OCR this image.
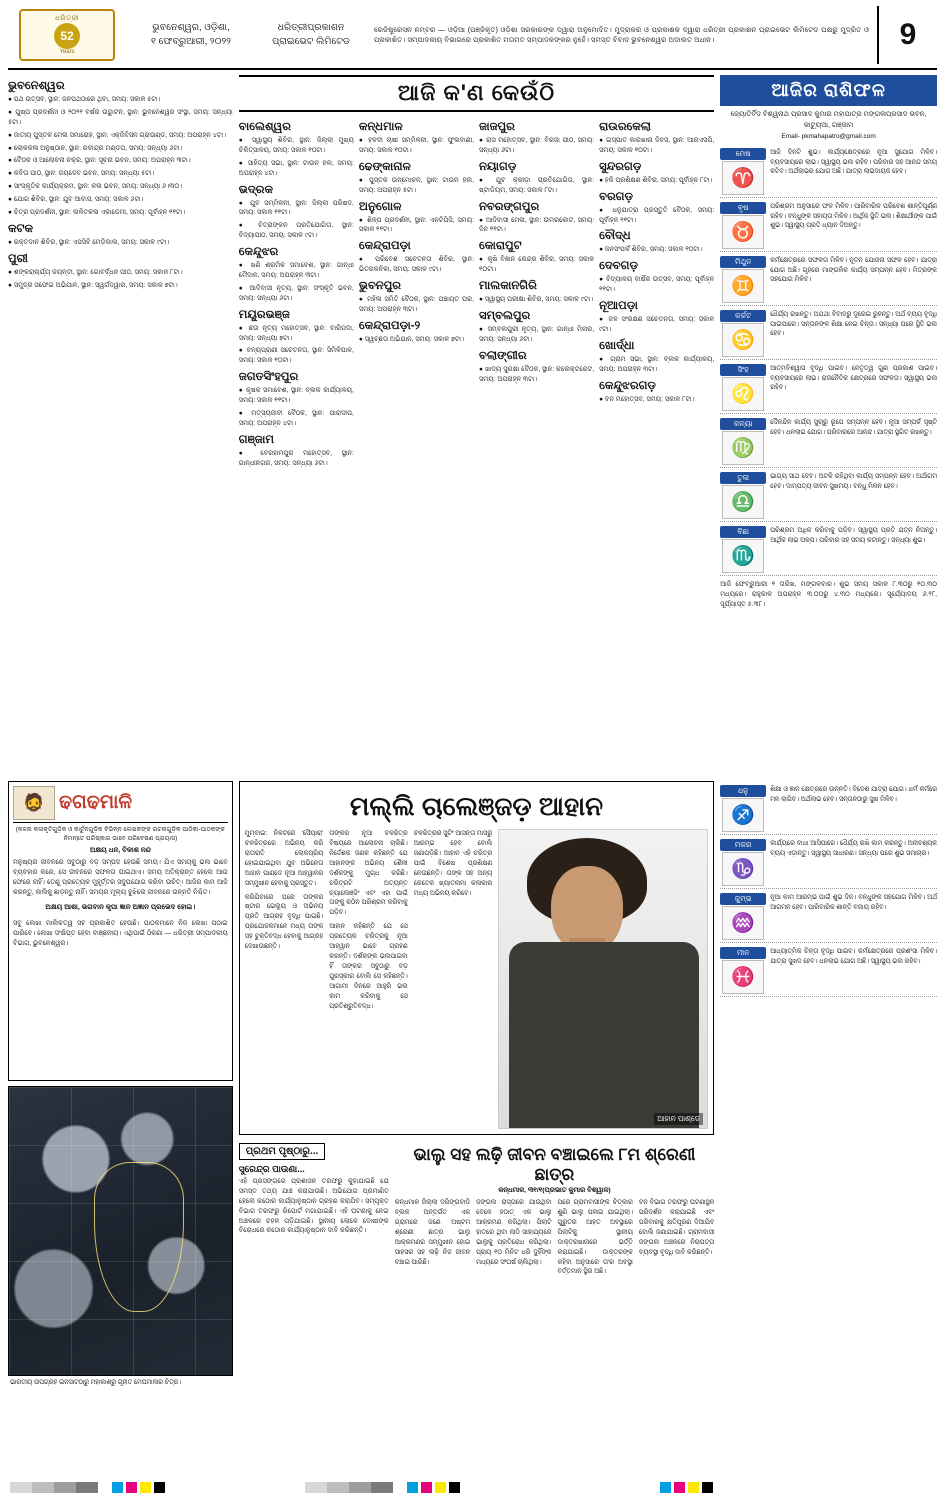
ଧରିତ୍ରୀ
52
Years
ଭୁବନେଶ୍ୱର, ଓଡ଼ିଶା,
୧ ଫେବ୍ରୁଆରୀ, ୨୦୨୨
ଧରିତ୍ରୀପ୍ରକାଶନ ପ୍ରାଇଭେଟ ଲିମିଟେଡ
ରେଜିଷ୍ଟ୍ରେସନ ନମ୍ବର — ଓଡ଼ିଆ (ପଞ୍ଜିକୃତ) ଓଡ଼ିଶା ସରକାରଙ୍କ ଦ୍ୱାରା ଅନୁମୋଦିତ। ମୁଦ୍ରାକର ଓ ପ୍ରକାଶକ ଦ୍ୱାରା ଧରିତ୍ରୀ ପ୍ରକାଶନ ପ୍ରାଇଭେଟ ଲିମିଟେଡ ପକ୍ଷରୁ ମୁଦ୍ରିତ ଓ ପ୍ରକାଶିତ। ସମ୍ପାଦକୀୟ ବିଭାଗରେ ପ୍ରକାଶିତ ମତାମତ ସମ୍ପାଦକଙ୍କର ନୁହେଁ। ସମସ୍ତ ବିବାଦ ଭୁବନେଶ୍ୱର ଅଦାଲତ ଅଧୀନ।	9
ଭୁବନେଶ୍ୱର

● ପଥ ଉତ୍ସବ, ସ୍ଥାନ: ଜନପଥଠାରେ ଥିବା, ସମୟ: ସକାଳ ୫ଟା।

● ପୁଷ୍ପ ପ୍ରଦର୍ଶନୀ ଓ ୨୦୨୨ ବର୍ଷର ଉଦ୍ଘାଟନ, ସ୍ଥାନ: ଭୁବନେଶ୍ୱର ସଂସ୍ଥା, ସମୟ: ସନ୍ଧ୍ୟା ୫ଟା।

● ଜାତୀୟ ପୁସ୍ତକ ମେଳା ସମାରୋହ, ସ୍ଥାନ: ଏକ୍ଜିବିସନ ଗ୍ରାଉଣ୍ଡ, ସମୟ: ଅପରାହ୍ନ ୪ଟା।

● ଲୋକକଳା ଅନୁଷ୍ଠାନ, ସ୍ଥାନ: ରବୀନ୍ଦ୍ର ମଣ୍ଡପ, ସମୟ: ସନ୍ଧ୍ୟା ୬ଟା।

● ବୈଠକ ଓ ଆଲୋଚନା ଚକ୍ର, ସ୍ଥାନ: ସୂଚନା ଭବନ, ସମୟ: ଅପରାହ୍ନ ୩ଟା।

● କବିତା ପାଠ, ସ୍ଥାନ: ଜୟଦେବ ଭବନ, ସମୟ: ସନ୍ଧ୍ୟା ୫ଟା।

● ସାଂସ୍କୃତିକ କାର୍ଯ୍ୟକ୍ରମ, ସ୍ଥାନ: କଳା ଭବନ, ସମୟ: ସନ୍ଧ୍ୟା ୬।୩୦।

● ଯୋଗ ଶିବିର, ସ୍ଥାନ: ଯୁବ ଆବାସ, ସମୟ: ସକାଳ ୬ଟା।

● ଚିତ୍ର ପ୍ରଦର୍ଶନୀ, ସ୍ଥାନ: ଲଳିତକଳା ଏକାଡେମୀ, ସମୟ: ପୂର୍ବାହ୍ନ ୧୧ଟା।

କଟକ

● ରକ୍ତଦାନ ଶିବିର, ସ୍ଥାନ: ଏସସିବି ମେଡିକାଲ, ସମୟ: ସକାଳ ୯ଟା।

ପୁରୀ

● ଶଙ୍କରାଚାର୍ଯ୍ୟ ଜୟନ୍ତୀ, ସ୍ଥାନ: ଗୋବର୍ଦ୍ଧନ ପୀଠ, ସମୟ: ସକାଳ ୮ଟା।

● ସମୁଦ୍ର ସଫେଇ ଅଭିଯାନ, ସ୍ଥାନ: ସ୍ୱର୍ଗଦ୍ୱାର, ସମୟ: ସକାଳ ୭ଟା।

ଆଜି କ'ଣ କେଉଁଠି
ବାଲେଶ୍ୱର

● ସ୍ୱାସ୍ଥ୍ୟ ଶିବିର, ସ୍ଥାନ: ଜିଲ୍ଲା ମୁଖ୍ୟ ଚିକିତ୍ସାଳୟ, ସମୟ: ସକାଳ ୧୦ଟା।

● ସାହିତ୍ୟ ସଭା, ସ୍ଥାନ: ଟାଉନ ହଲ, ସମୟ: ଅପରାହ୍ନ ୪ଟା।

ଭଦ୍ରକ

● ଯୁବ ସମ୍ମିଳନୀ, ସ୍ଥାନ: ଜିଲ୍ଲା ପରିଷଦ, ସମୟ: ସକାଳ ୧୧ଟା।

● ଚିତ୍ରାଙ୍କନ ପ୍ରତିଯୋଗିତା, ସ୍ଥାନ: ବିଦ୍ୟାପୀଠ, ସମୟ: ସକାଳ ୯ଟା।

କେନ୍ଦୁଝର

● ଖଣି ଶ୍ରମିକ ସମାବେଶ, ସ୍ଥାନ: ଗାନ୍ଧୀ ମୈଦାନ, ସମୟ: ଅପରାହ୍ନ ୩ଟା।

● ଆଦିବାସୀ ନୃତ୍ୟ, ସ୍ଥାନ: ସଂସ୍କୃତି ଭବନ, ସମୟ: ସନ୍ଧ୍ୟା ୬ଟା।

ମୟୂରଭଞ୍ଜ

● ଛଉ ନୃତ୍ୟ ମହୋତ୍ସବ, ସ୍ଥାନ: ବାରିପଦା, ସମୟ: ସନ୍ଧ୍ୟା ୭ଟା।

● ବନ୍ୟପ୍ରାଣୀ ସଚେତନତା, ସ୍ଥାନ: ସିମିଳିପାଳ, ସମୟ: ସକାଳ ୧୦ଟା।

ଜଗତସିଂହପୁର

● କୃଷକ ସମାବେଶ, ସ୍ଥାନ: ବ୍ଲକ କାର୍ଯ୍ୟାଳୟ, ସମୟ: ସକାଳ ୧୧ଟା।

● ମତ୍ସ୍ୟଜୀବୀ ବୈଠକ, ସ୍ଥାନ: ପାରାଦୀପ, ସମୟ: ଅପରାହ୍ନ ୪ଟା।

ଗଞ୍ଜାମ

● ବେରହାମପୁର ମହୋତ୍ସବ, ସ୍ଥାନ: ଗାନ୍ଧୀନଗର, ସମୟ: ସନ୍ଧ୍ୟା ୬ଟା।

କନ୍ଧମାଳ

● ହଳଦୀ ଚାଷୀ ସମ୍ମିଳନୀ, ସ୍ଥାନ: ଫୁଲବାଣୀ, ସମୟ: ସକାଳ ୧୦ଟା।

ଢେଙ୍କାନାଳ

● ପୁସ୍ତକ ଉନ୍ମୋଚନ, ସ୍ଥାନ: ଟାଉନ ହଲ, ସମୟ: ଅପରାହ୍ନ ୫ଟା।

ଅନୁଗୋଳ

● ଶିଳ୍ପ ପ୍ରଦର୍ଶନୀ, ସ୍ଥାନ: ଏନଟିପିସି, ସମୟ: ସକାଳ ୧୧ଟା।

କେନ୍ଦ୍ରାପଡ଼ା

● ପରିବେଶ ସଚେତନତା ଶିବିର, ସ୍ଥାନ: ଭିତରକନିକା, ସମୟ: ସକାଳ ୯ଟା।

ଭୁବନପୁର

● ମହିଳା ସମିତି ବୈଠକ, ସ୍ଥାନ: ପଞ୍ଚାୟତ ଘର, ସମୟ: ଅପରାହ୍ନ ୩ଟା।

କେନ୍ଦ୍ରାପଡ଼ା-୨

● ସ୍ୱଚ୍ଛତା ଅଭିଯାନ, ସମୟ: ସକାଳ ୭ଟା।

ଜାଜପୁର

● ରାସ ମହୋତ୍ସବ, ସ୍ଥାନ: ବିରଜା ପୀଠ, ସମୟ: ସନ୍ଧ୍ୟା ୬ଟା।

ନୟାଗଡ଼

● ଯୁବ କ୍ରୀଡ଼ା ପ୍ରତିଯୋଗିତା, ସ୍ଥାନ: ଷ୍ଟାଡିୟମ, ସମୟ: ସକାଳ ୮ଟା।

ନବରଙ୍ଗପୁର

● ଆଦିବାସୀ ମେଳା, ସ୍ଥାନ: ଉମରକୋଟ, ସମୟ: ଦିନ ୧୧ଟା।

କୋରାପୁଟ

● କୃଷି ବିଜ୍ଞାନ କେନ୍ଦ୍ର ଶିବିର, ସମୟ: ସକାଳ ୧୦ଟା।

ମାଲକାନଗିରି

● ସ୍ୱାସ୍ଥ୍ୟ ପରୀକ୍ଷା ଶିବିର, ସମୟ: ସକାଳ ୯ଟା।

ସମ୍ବଲପୁର

● ସମ୍ବଲପୁରୀ ନୃତ୍ୟ, ସ୍ଥାନ: ଗାନ୍ଧୀ ମିନାର, ସମୟ: ସନ୍ଧ୍ୟା ୬ଟା।

ବଲାଙ୍ଗୀର

● ଖାଦ୍ୟ ସୁରକ୍ଷା ବୈଠକ, ସ୍ଥାନ: କଲେକ୍ଟରେଟ, ସମୟ: ଅପରାହ୍ନ ୩ଟା।

ରାଉରକେଲା

● ଇସ୍ପାତ କାରଖାନା ଦିବସ, ସ୍ଥାନ: ଆରଏସପି, ସମୟ: ସକାଳ ୧୦ଟା।

ସୁନ୍ଦରଗଡ଼

● ହକି ପ୍ରଶିକ୍ଷଣ ଶିବିର, ସମୟ: ପୂର୍ବାହ୍ନ ୮ଟା।

ବରଗଡ଼

● ଧନୁଯାତ୍ରା ପ୍ରସ୍ତୁତି ବୈଠକ, ସମୟ: ପୂର୍ବାହ୍ନ ୧୧ଟା।

ବୌଦ୍ଧ

● ଜନସଂପର୍କ ଶିବିର, ସମୟ: ସକାଳ ୧୦ଟା।

ଦେବଗଡ଼

● ବିଦ୍ୟାଳୟ ବାର୍ଷିକ ଉତ୍ସବ, ସମୟ: ପୂର୍ବାହ୍ନ ୧୧ଟା।

ନୂଆପଡ଼ା

● ଜଳ ସଂରକ୍ଷଣ ସଚେତନତା, ସମୟ: ସକାଳ ୯ଟା।

ଖୋର୍ଦ୍ଧା

● ଗ୍ରାମ ସଭା, ସ୍ଥାନ: ବ୍ଲକ କାର୍ଯ୍ୟାଳୟ, ସମୟ: ଅପରାହ୍ନ ୩ଟା।

କେନ୍ଦୁଝରଗଡ଼

● ବନ ମହୋତ୍ସବ, ସମୟ: ସକାଳ ୮ଟା।

ଆଜିର ରାଶିଫଳ
ଜ୍ୟୋତିର୍ବିଦ ବିଶ୍ୱନାଥ ପ୍ରସାଦ କୁମାର ମହାପାତ୍ର ମଙ୍ଗଳାପ୍ରସାଦ ଭବନ, କାଟ୍ୟୁଆ, ଗଞ୍ଜାମ
Email- pkmahapatro@gmail.com
ମେଷ
♈
ଆଜି ଦିନଟି ଶୁଭ। କାର୍ଯ୍ୟକ୍ଷେତ୍ରରେ ନୂଆ ସୁଯୋଗ ମିଳିବ। ବ୍ୟବସାୟରେ ଲାଭ। ସ୍ୱାସ୍ଥ୍ୟ ଭଲ ରହିବ। ପରିବାର ସହ ଆନନ୍ଦ ସମୟ କଟିବ। ଅର୍ଥଲାଭର ଯୋଗ ଅଛି। ଯାତ୍ରା ଲାଭଦାୟକ ହେବ।
ବୃଷ
♉
ପରିଶ୍ରମ ଅନୁସାରେ ଫଳ ମିଳିବ। ପାରିବାରିକ ପରିବେଶ ଶାନ୍ତିପୂର୍ଣ୍ଣ ରହିବ। ବନ୍ଧୁଙ୍କ ସହାୟତା ମିଳିବ। ଆର୍ଥିକ ସ୍ଥିତି ଭଲ। ଶିକ୍ଷାର୍ଥୀଙ୍କ ପାଇଁ ଶୁଭ। ସ୍ୱାସ୍ଥ୍ୟ ପ୍ରତି ଧ୍ୟାନ ଦିଅନ୍ତୁ।
ମିଥୁନ
♊
କର୍ମକ୍ଷେତ୍ରରେ ସଫଳତା ମିଳିବ। ନୂତନ ଯୋଜନା ସଫଳ ହେବ। ଯାତ୍ରା ଯୋଗ ଅଛି। ଗୃହରେ ମାଙ୍ଗଳିକ କାର୍ଯ୍ୟ ସମ୍ପନ୍ନ ହେବ। ମିତ୍ରଙ୍କ ସହଯୋଗ ମିଳିବ।
କର୍କଟ
♋
ଧୈର୍ଯ୍ୟ ରଖନ୍ତୁ। ଅଯଥା ବିବାଦରୁ ଦୂରେଇ ରୁହନ୍ତୁ। ଅର୍ଥ ବ୍ୟୟ ବୃଦ୍ଧି ପାଇପାରେ। ସନ୍ତାନଙ୍କ ଶିକ୍ଷା ନେଇ ଚିନ୍ତା। ସନ୍ଧ୍ୟା ପରେ ସ୍ଥିତି ଭଲ ହେବ।
ସିଂହ
♌
ଆତ୍ମବିଶ୍ୱାସ ବୃଦ୍ଧି ପାଇବ। ନେତୃତ୍ୱ ଗୁଣ ପ୍ରକାଶ ପାଇବ। ବ୍ୟବସାୟରେ ଲାଭ। ରାଜନୈତିକ କ୍ଷେତ୍ରରେ ସଫଳତା। ସ୍ୱାସ୍ଥ୍ୟ ଭଲ ରହିବ।
କନ୍ୟା
♍
ଦୈନନ୍ଦିନ କାର୍ଯ୍ୟ ସୁଚାରୁ ରୂପେ ସମ୍ପନ୍ନ ହେବ। ନୂଆ ସମ୍ପର୍କ ସୃଷ୍ଟି ହେବ। ଧନଲାଭ ଯୋଗ। ପରିବାରରେ ଆନନ୍ଦ। ଯାତ୍ରା ସ୍ଥଗିତ ରଖନ୍ତୁ।
ତୁଳା
♎
ଭାଗ୍ୟ ସାଥ ଦେବ। ଅଟକି ରହିଥିବା କାର୍ଯ୍ୟ ସମ୍ପନ୍ନ ହେବ। ଅର୍ଥାଗମ ହେବ। ଦାମ୍ପତ୍ୟ ଜୀବନ ସୁଖମୟ। ବନ୍ଧୁ ମିଳନ ହେବ।
ବିଛା
♏
ପରିଶ୍ରମ ଅଧିକ କରିବାକୁ ପଡ଼ିବ। ସ୍ୱାସ୍ଥ୍ୟ ପ୍ରତି ଯତ୍ନ ନିଅନ୍ତୁ। ଆର୍ଥିକ ଲାଭ ଅଳ୍ପ। ପରିବାର ସହ ସମୟ କଟାନ୍ତୁ। ସନ୍ଧ୍ୟା ଶୁଭ।
ଆଜି ଫେବ୍ରୁଆରୀ ୧ ତାରିଖ, ମଙ୍ଗଳବାର। ଶୁଭ ସମୟ ସକାଳ ୮.୩୦ରୁ ୧୦.୩୦ ମଧ୍ୟରେ। ରାହୁକାଳ ଅପରାହ୍ନ ୩.୦୦ରୁ ୪.୩୦ ମଧ୍ୟରେ। ସୂର୍ଯ୍ୟୋଦୟ ୬.୨୮, ସୂର୍ଯ୍ୟାସ୍ତ ୫.୩୮।
🧔 ଢଗଢମାଳି
(କଳନା କଳାକୃତିଗୁଡ଼ିକ ଓ କାର୍ଟୁନଗୁଡ଼ିକ ବିଭିନ୍ନ ଲେଖକଙ୍କ ରଚନାଗୁଡ଼ିକ ପାଠିକା-ପାଠକଙ୍କ ନିମନ୍ତେ ପରିଷ୍କାର ଭାବେ ପରିବେଷଣ ପ୍ରୟାସ)
ଅକ୍ଷୟ ଧନ, ବିକାଶ ନନ୍ଦ
ମନୁଷ୍ୟର ଜୀବନରେ ସବୁଠାରୁ ବଡ଼ ସମ୍ପଦ ହେଉଛି ସମୟ। ଯିଏ ସମୟକୁ ଭଲ ଭାବେ ବ୍ୟବହାର କରେ, ସେ ଜୀବନରେ ସଫଳତା ପାଇଥାଏ। ସମୟ ଅତିକ୍ରାନ୍ତ ହେଲେ ଆଉ ଫେରେ ନାହିଁ। ତେଣୁ ପ୍ରତ୍ୟେକ ମୁହୂର୍ତ୍ତର ସଦୁପଯୋଗ କରିବା ଉଚିତ୍। ଆଜିର କାମ ଆଜି କରନ୍ତୁ, କାଲିକୁ ଛାଡ଼ନ୍ତୁ ନାହିଁ। ସମୟର ମୂଲ୍ୟ ବୁଝିଲେ ଜୀବନରେ ଉନ୍ନତି ନିଶ୍ଚିତ।
ଅକ୍ଷୟ ଆଶା, ଭଗବାନ କୃପା ଜ୍ଞାନ ଅଜ୍ଞାନ ପ୍ରଭେଦ ହୋଇ।
ସବୁ ଲେଖା ମାଲିକତ୍ୱ ସହ ପ୍ରକାଶିତ ହେଉଛି। ପାଠକମାନେ ନିଜ ଲେଖା ପଠାଇ ପାରିବେ। ଲେଖା ସଂକ୍ଷିପ୍ତ ହେବା ବାଞ୍ଛନୀୟ। ଏଥିପାଇଁ ଠିକଣା — ଧରିତ୍ରୀ ସମ୍ପାଦକୀୟ ବିଭାଗ, ଭୁବନେଶ୍ୱର।
ଭାରତୀୟ ଉପଗ୍ରହ ଇନସାଟଠାରୁ ମହାକାଶରୁ ଗୃହୀତ ମେଘମାଳାର ଚିତ୍ର।
ମଲ୍ଲି ଚାଲେଞ୍ଜଡ଼ ଆହାନ

ମୁମ୍ବାଇ: ନିକଟରେ 'ସୈୟାରା' ଚଳଚ୍ଚିତ୍ରରେ ଅଭିନୟ କରି ରାତାରାତି ଲୋକପ୍ରିୟ ହୋଇଯାଇଥିବା ଯୁବ ଅଭିନେତା ଆହାନ ପାଣ୍ଡେ ନୂଆ ଆହ୍ୱାନର ସମ୍ମୁଖୀନ ହେବାକୁ ପ୍ରସ୍ତୁତ।

କରିଯିବାରେ ପରେ ତାଙ୍କର ଷ୍ଟାର ଭେଲ୍ୟୁ ଓ ଅଭିନୟ ପ୍ରତି ଆଗ୍ରହ ବୃଦ୍ଧି ପାଇଛି। ପ୍ରଯୋଜକମାନେ ମଧ୍ୟ ତାଙ୍କ ସହ ଚୁକ୍ତିବଦ୍ଧ ହେବାକୁ ଆଗ୍ରହ ଦେଖାଉଛନ୍ତି।

ତାଙ୍କର ନୂଆ ଚଳଚ୍ଚିତ୍ର ବିଷୟରେ ଆଲୋଚନା ଚାଲିଛି। ନିର୍ଦ୍ଦେଶକ ଜଣକ କହିଛନ୍ତି ଯେ ଆହାନଙ୍କ ଅଭିନୟ ଶୈଳୀ ଦର୍ଶକଙ୍କୁ ମୁଗ୍ଧ କରିଛି। ଚରିତ୍ରଟି ଅତ୍ୟନ୍ତ ଚ୍ୟାଲେଞ୍ଜିଂ ଏବଂ ଏହା ପାଇଁ ତାଙ୍କୁ କଠିନ ପରିଶ୍ରମ କରିବାକୁ ପଡ଼ିବ।

ଆହାନ କହିଛନ୍ତି ଯେ ସେ ପ୍ରତ୍ୟେକ ଚରିତ୍ରକୁ ନୂଆ ଆହ୍ୱାନ ଭାବେ ଗ୍ରହଣ କରନ୍ତି। ଦର୍ଶକଙ୍କ ଭଲପାଇବା ହିଁ ତାଙ୍କର ସବୁଠାରୁ ବଡ଼ ପୁରସ୍କାର ବୋଲି ସେ କହିଛନ୍ତି। ଆଗାମୀ ଦିନରେ ଆହୁରି ଭଲ କାମ କରିବାକୁ ସେ ପ୍ରତିଶ୍ରୁତିବଦ୍ଧ।

ଚଳଚ୍ଚିତ୍ରର ସୁଟିଂ ଆସନ୍ତା ମାସରୁ ଆରମ୍ଭ ହେବ ବୋଲି ଜଣାପଡ଼ିଛି। ଆହାନ ଏହି ଚରିତ୍ର ପାଇଁ ବିଶେଷ ପ୍ରଶିକ୍ଷଣ ନେଉଛନ୍ତି। ତାଙ୍କ ସହ ଅନ୍ୟ କେତେକ ଖ୍ୟାତନାମା କଳାକାର ମଧ୍ୟ ଅଭିନୟ କରିବେ।

ଆହାନ ପାଣ୍ଡେ
ପ୍ରଥମ ପୃଷ୍ଠାରୁ...
ସୁରେନ୍ଦ୍ର ପାଉଣା...
ଏହି ପ୍ରସଙ୍ଗରେ ପ୍ରଶାସନ ତରଫରୁ କୁହାଯାଇଛି ଯେ ସମସ୍ତ ତଥ୍ୟ ଯାଞ୍ଚ କରାଯାଉଛି। ଅଭିଯୋଗ ପ୍ରମାଣିତ ହେଲେ କଠୋର କାର୍ଯ୍ୟାନୁଷ୍ଠାନ ଗ୍ରହଣ କରାଯିବ। ସମ୍ପୃକ୍ତ ବିଭାଗ ତରଫରୁ ରିପୋର୍ଟ ମଗାଯାଇଛି। ଏହି ଘଟଣାକୁ ନେଇ ଅଞ୍ଚଳରେ ଚହଳ ପଡ଼ିଯାଇଛି। ସ୍ଥାନୀୟ ଲୋକେ ଦୋଷୀଙ୍କ ବିରୋଧରେ କଠୋର କାର୍ଯ୍ୟାନୁଷ୍ଠାନ ଦାବି କରିଛନ୍ତି।
ଭାଲୁ ସହ ଲଢ଼ି ଜୀବନ ବଞ୍ଚାଇଲେ ୮ମ ଶ୍ରେଣୀ ଛାତ୍ର
କନ୍ଧମାଳ, ୩୧/୧(ପ୍ରଭାତ କୁମାର ବିଶ୍ୱାଳ)

କନ୍ଧମାଳ ଜିଲ୍ଲା ଦରିଙ୍ଗବାଡ଼ି ବ୍ଲକ ଅନ୍ତର୍ଗତ ଏକ ଗ୍ରାମରେ ଜଣେ ଅଷ୍ଟମ ଶ୍ରେଣୀ ଛାତ୍ର ଭାଲୁ ଆକ୍ରମଣର ସମ୍ମୁଖୀନ ହୋଇ ସାହସର ସହ ଲଢ଼ି ନିଜ ଜୀବନ ବଞ୍ଚାଇ ପାରିଛି।

ଜଙ୍ଗଲ ରାସ୍ତାରେ ଯାଉଥିବା ବେଳେ ହଠାତ୍ ଏକ ଭାଲୁ ଆକ୍ରମଣ କରିଥିଲା। ପିଲାଟି ହାତରେ ଥିବା ଲାଠି ସାହାଯ୍ୟରେ ଭାଲୁକୁ ପ୍ରତିରୋଧ କରିଥିଲା। ପ୍ରାୟ ୧୦ ମିନିଟ ଧରି ଦୁହିଁଙ୍କ ମଧ୍ୟରେ ସଂଘର୍ଷ ଚାଲିଥିଲା।

ପରେ ଗ୍ରାମବାସୀଙ୍କ ଚିତ୍କାର ଶୁଣି ଭାଲୁ ପଳାଇ ଯାଇଥିଲା। ଗୁରୁତର ଆହତ ଅବସ୍ଥାରେ ପିଲାଟିକୁ ସ୍ଥାନୀୟ ଡାକ୍ତରଖାନାରେ ଭର୍ତ୍ତି କରାଯାଇଛି। ଡାକ୍ତରଙ୍କ କହିବା ଅନୁସାରେ ତା'ର ଅବସ୍ଥା ବର୍ତ୍ତମାନ ସ୍ଥିର ଅଛି।

ବନ ବିଭାଗ ତରଫରୁ ଘଟଣାସ୍ଥଳ ପରିଦର୍ଶନ କରାଯାଇଛି ଏବଂ ପରିବାରକୁ କ୍ଷତିପୂରଣ ଦିଆଯିବ ବୋଲି ଜଣାଯାଇଛି। ଗ୍ରାମବାସୀ ଜଙ୍ଗଲ ଅଞ୍ଚଳରେ ନିରାପତ୍ତା ବ୍ୟବସ୍ଥା ବୃଦ୍ଧି ଦାବି କରିଛନ୍ତି।

ଧନୁ
♐
ଶିକ୍ଷା ଓ ଜ୍ଞାନ କ୍ଷେତ୍ରରେ ଉନ୍ନତି। ବିଦେଶ ଯାତ୍ରା ଯୋଗ। ଧର୍ମ କର୍ମରେ ମନ ଲାଗିବ। ଅର୍ଥଲାଭ ହେବ। ସନ୍ତାନଠାରୁ ସୁଖ ମିଳିବ।
ମକର
♑
କାର୍ଯ୍ୟରେ ବାଧା ଆସିପାରେ। ଧୈର୍ଯ୍ୟ ରଖି କାମ କରନ୍ତୁ। ଅନାବଶ୍ୟକ ବ୍ୟୟ ଏଡ଼ାନ୍ତୁ। ସ୍ୱାସ୍ଥ୍ୟ ସାଧାରଣ। ସନ୍ଧ୍ୟା ପରେ ଶୁଭ ସମାଚାର।
କୁମ୍ଭ
♒
ନୂଆ କାମ ଆରମ୍ଭ ପାଇଁ ଶୁଭ ଦିନ। ବନ୍ଧୁଙ୍କ ସହଯୋଗ ମିଳିବ। ଅର୍ଥ ଆଗମନ ହେବ। ପାରିବାରିକ ଶାନ୍ତି ବଜାୟ ରହିବ।
ମୀନ
♓
ଆଧ୍ୟାତ୍ମିକ ଚିନ୍ତା ବୃଦ୍ଧି ପାଇବ। କର୍ମକ୍ଷେତ୍ରରେ ପ୍ରଶଂସା ମିଳିବ। ଯାତ୍ରା ସୁଖଦ ହେବ। ଧନଲାଭ ଯୋଗ ଅଛି। ସ୍ୱାସ୍ଥ୍ୟ ଭଲ ରହିବ।
